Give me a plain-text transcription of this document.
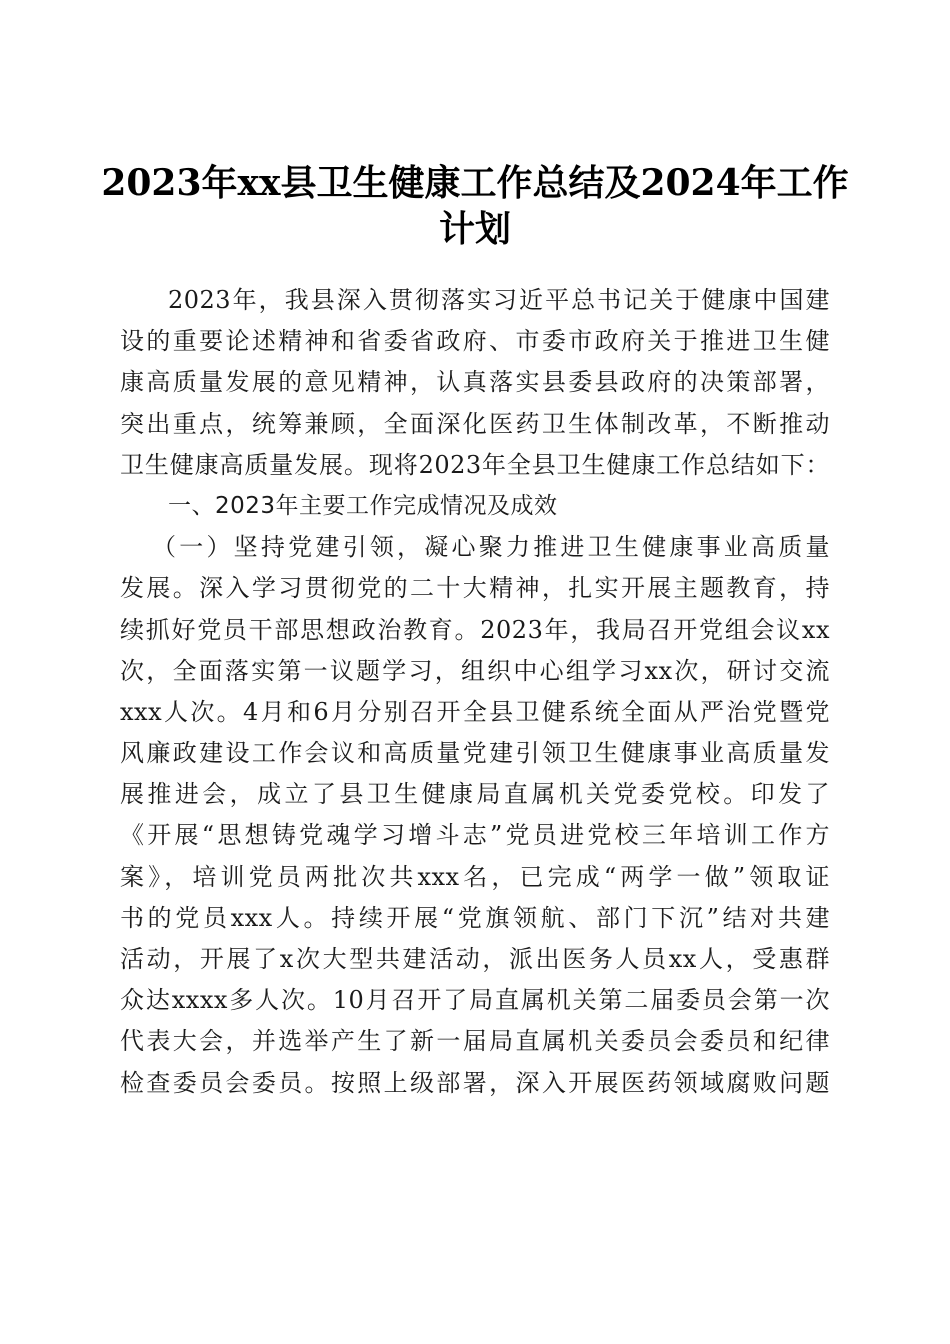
2023年xx县卫生健康工作总结及2024年工作
计划
2023年，我县深入贯彻落实习近平总书记关于健康中国建
设的重要论述精神和省委省政府、市委市政府关于推进卫生健
康高质量发展的意见精神，认真落实县委县政府的决策部署，
突出重点，统筹兼顾，全面深化医药卫生体制改革，不断推动
卫生健康高质量发展。现将2023年全县卫生健康工作总结如下：
一、2023年主要工作完成情况及成效
（一）坚持党建引领，凝心聚力推进卫生健康事业高质量
发展。深入学习贯彻党的二十大精神，扎实开展主题教育，持
续抓好党员干部思想政治教育。2023年，我局召开党组会议xx
次，全面落实第一议题学习，组织中心组学习xx次，研讨交流
xxx人次。4月和6月分别召开全县卫健系统全面从严治党暨党
风廉政建设工作会议和高质量党建引领卫生健康事业高质量发
展推进会，成立了县卫生健康局直属机关党委党校。印发了
《开展“思想铸党魂学习增斗志”党员进党校三年培训工作方
案》，培训党员两批次共xxx名，已完成“两学一做”领取证
书的党员xxx人。持续开展“党旗领航、部门下沉”结对共建
活动，开展了x次大型共建活动，派出医务人员xx人，受惠群
众达xxxx多人次。10月召开了局直属机关第二届委员会第一次
代表大会，并选举产生了新一届局直属机关委员会委员和纪律
检查委员会委员。按照上级部署，深入开展医药领域腐败问题
